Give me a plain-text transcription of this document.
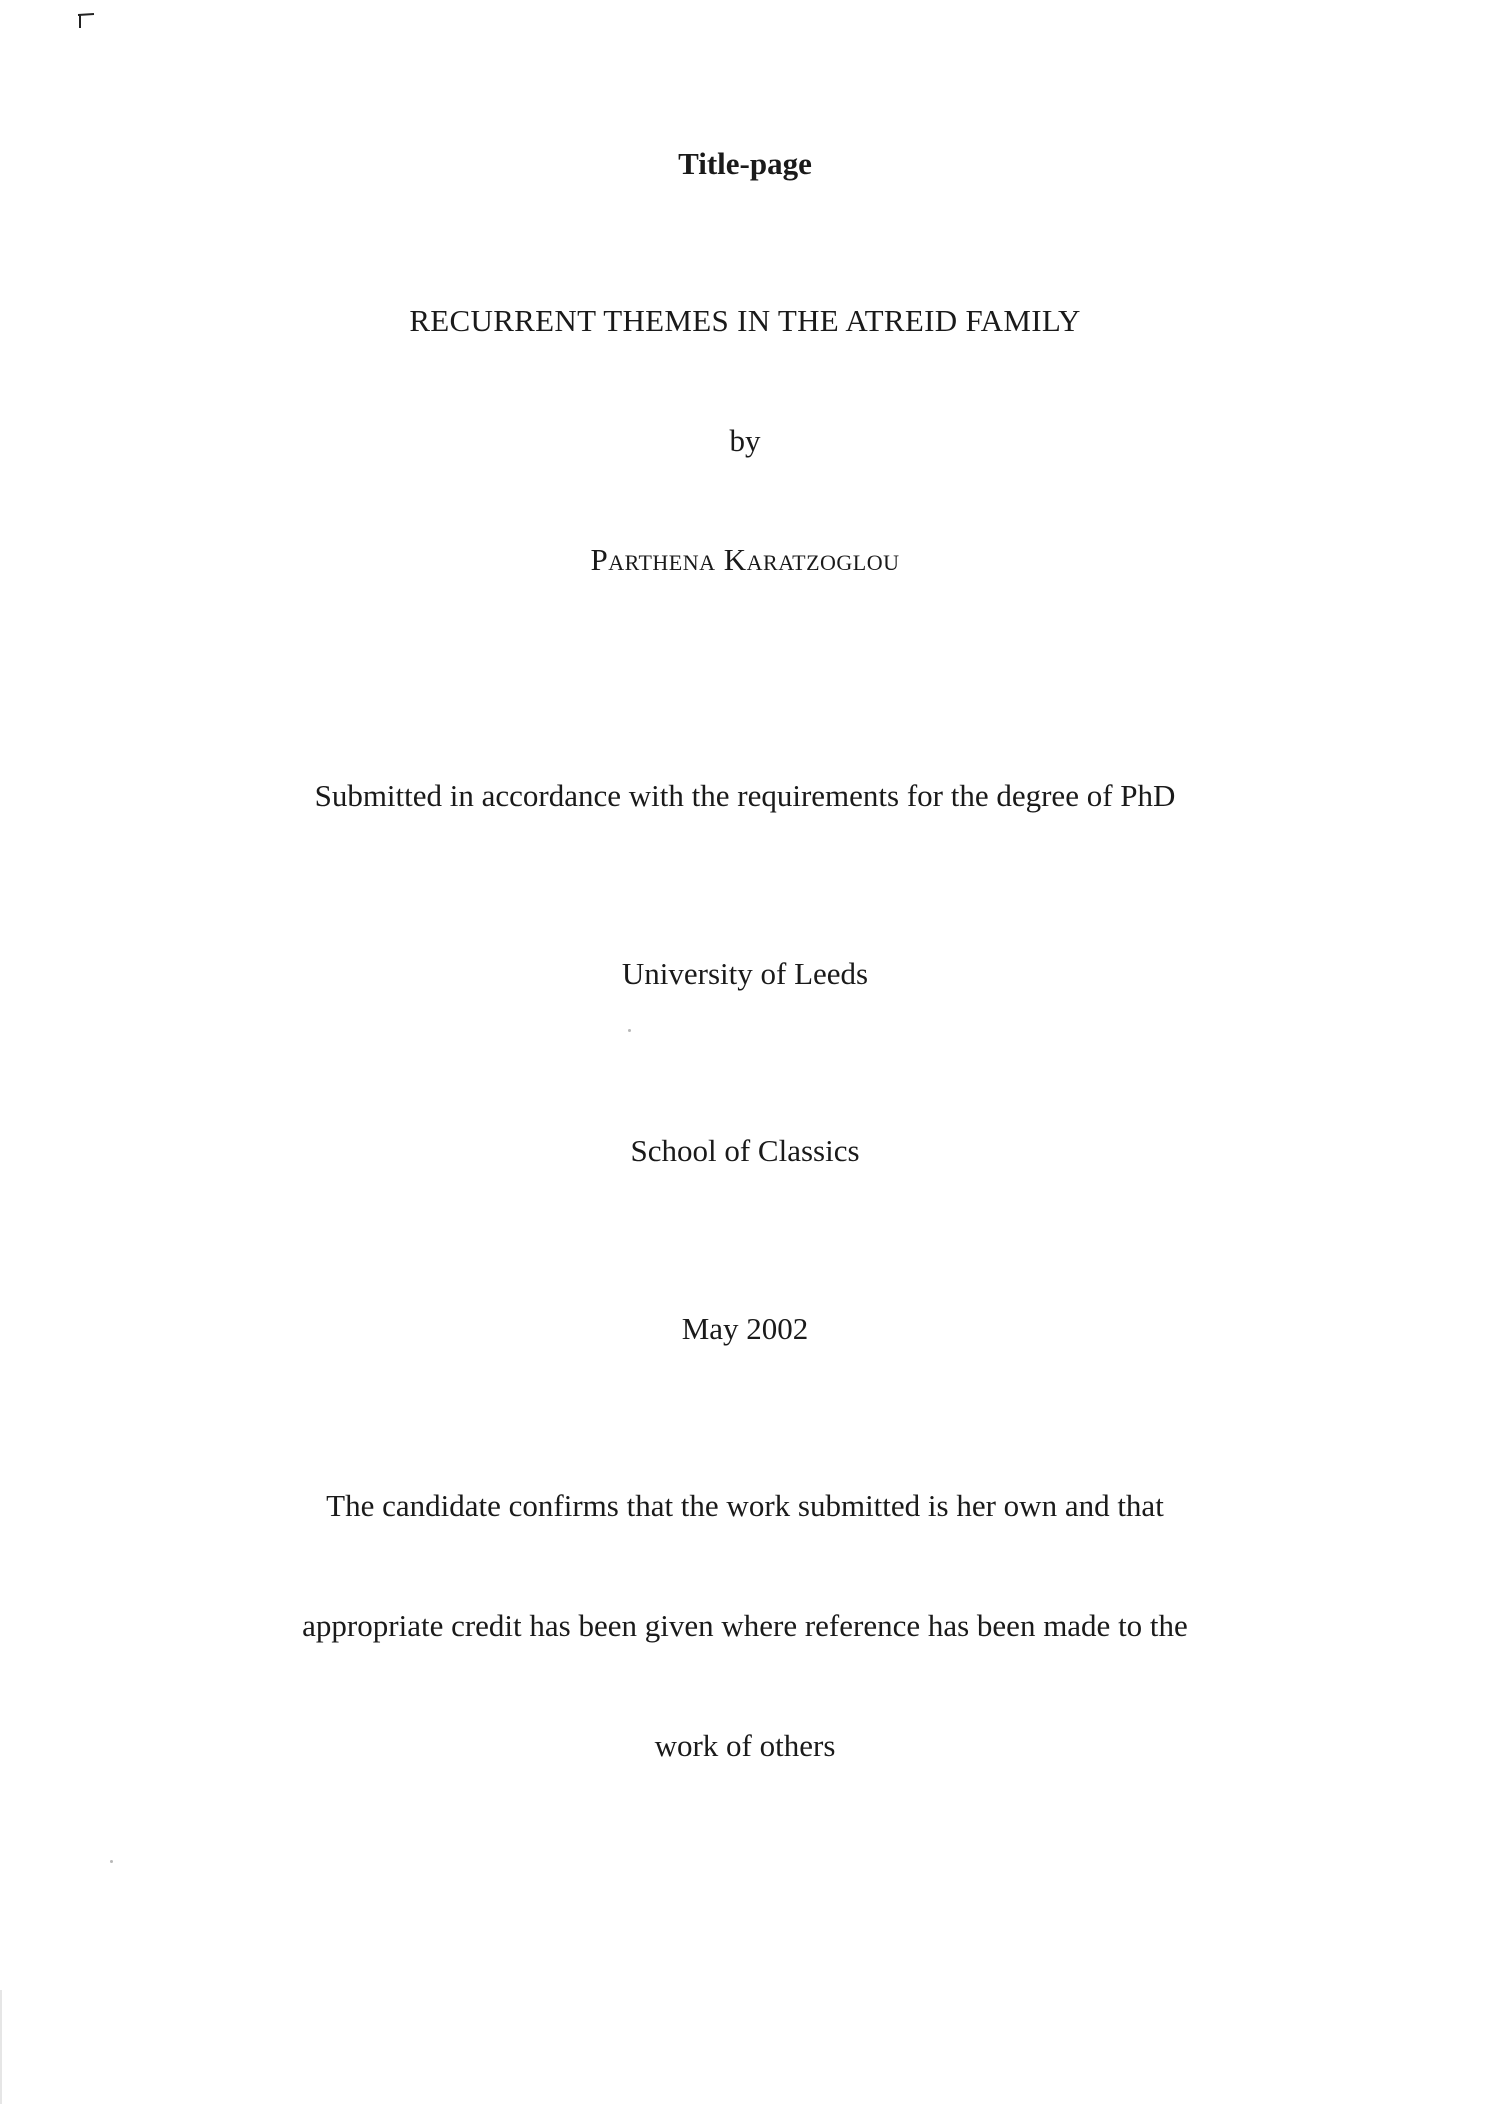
Title-page
RECURRENT THEMES IN THE ATREID FAMILY
by
Parthena Karatzoglou
Submitted in accordance with the requirements for the degree of PhD
University of Leeds
School of Classics
May 2002
The candidate confirms that the work submitted is her own and that
appropriate credit has been given where reference has been made to the
work of others
